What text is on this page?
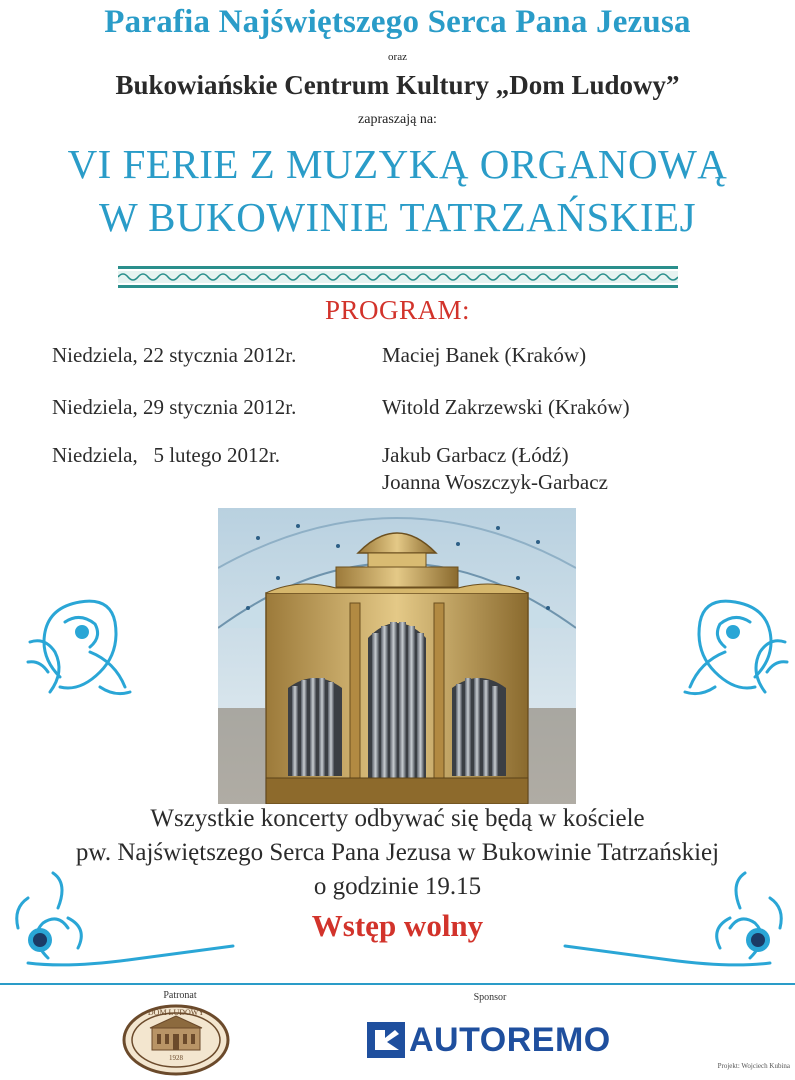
Parafia Najświętszego Serca Pana Jezusa
oraz
Bukowiańskie Centrum Kultury „Dom Ludowy”
zapraszają na:
VI FERIE Z MUZYKĄ ORGANOWĄ
W BUKOWINIE TATRZAŃSKIEJ
PROGRAM:
Niedziela, 22 stycznia 2012r.	Maciej Banek (Kraków)
Niedziela, 29 stycznia 2012r.	Witold Zakrzewski (Kraków)
Niedziela,   5 lutego 2012r.	Jakub Garbacz (Łódź)
Joanna Woszczyk-Garbacz
Wszystkie koncerty odbywać się będą w kościele
pw. Najświętszego Serca Pana Jezusa w Bukowinie Tatrzańskiej
o godzinie 19.15
Wstęp wolny
Patronat	Sponsor
DOM LUDOWY
1928	AUTOREMO
Projekt: Wojciech Kubina
